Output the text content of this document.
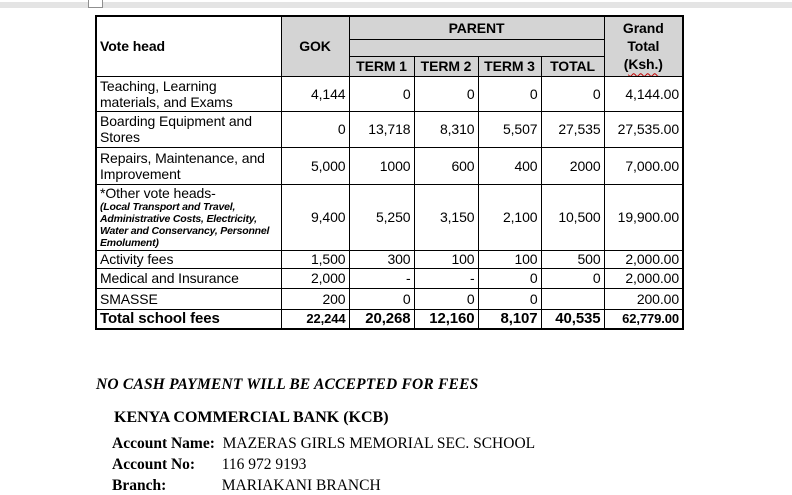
Vote head	GOK	PARENT				Grand
Total
(Ksh.)

		TERM 1	TERM 2	TERM 3	TOTAL	
Teaching, Learning materials, and Exams	4,144	0	0	0	0	4,144.00
Boarding Equipment and Stores	0	13,718	8,310	5,507	27,535	27,535.00
Repairs, Maintenance, and Improvement	5,000	1000	600	400	2000	7,000.00

*Other vote heads-
(Local Transport and Travel, Administrative Costs, Electricity, Water and Conservancy, Personnel Emolument)	9,400	5,250	3,150	2,100	10,500	19,900.00
Activity fees	1,500	300	100	100	500	2,000.00
Medical and Insurance	2,000	-	-	0	0	2,000.00
SMASSE	200	0	0	0		200.00
Total school fees	22,244	20,268	12,160	8,107	40,535	62,779.00
NO CASH PAYMENT WILL BE ACCEPTED FOR FEES
KENYA COMMERCIAL BANK (KCB)
Account Name: MAZERAS GIRLS MEMORIAL SEC. SCHOOL
Account No: 116 972 9193
Branch:	MARIAKANI BRANCH
